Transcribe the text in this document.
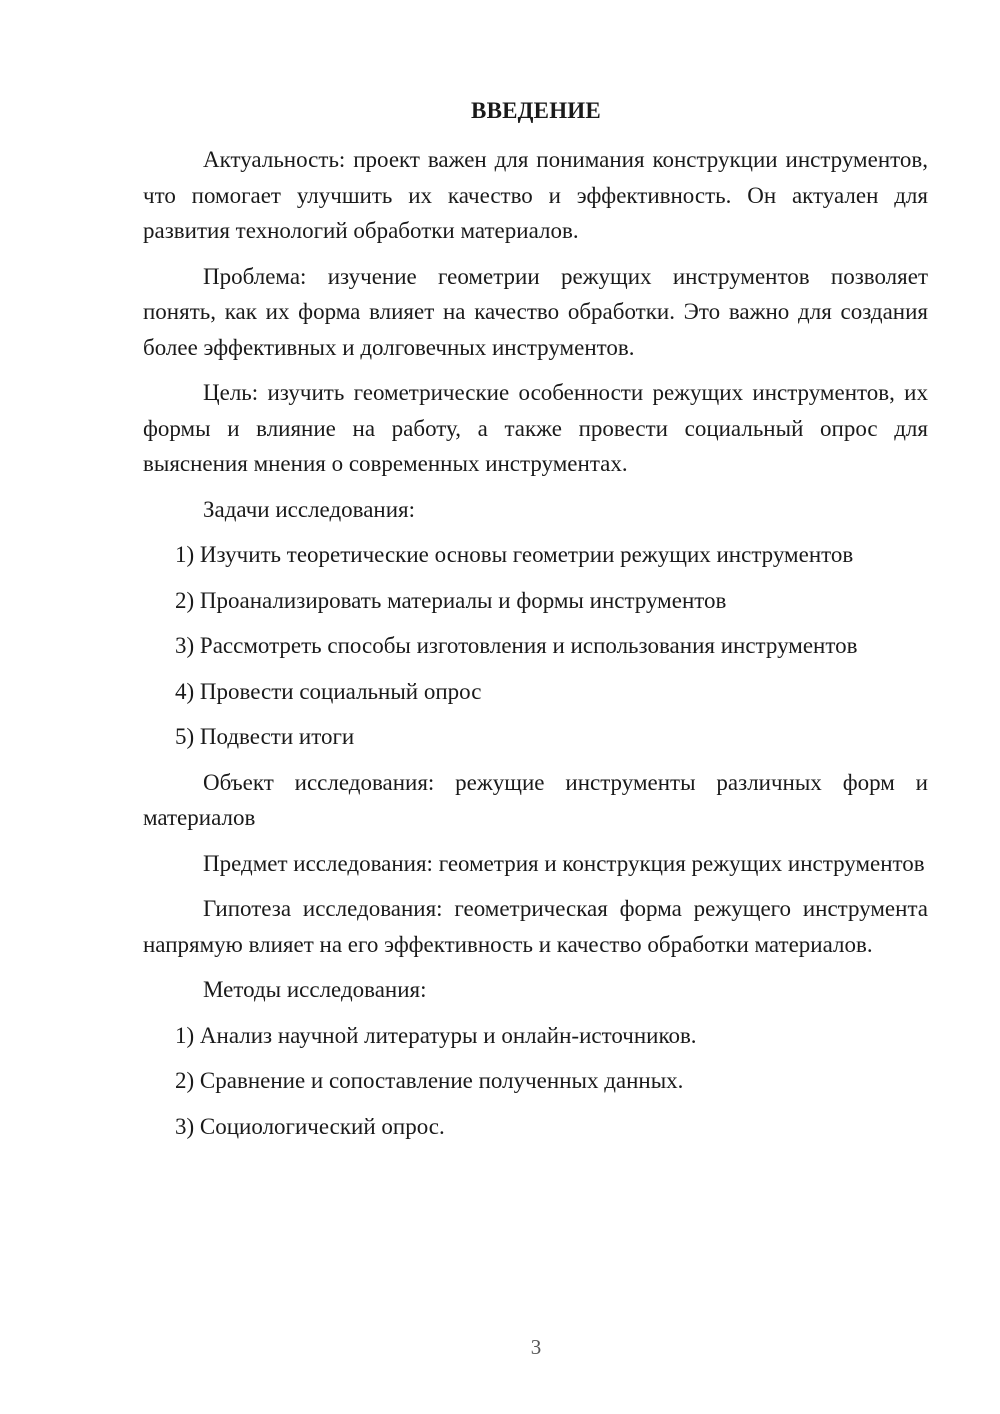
ВВЕДЕНИЕ

Актуальность: проект важен для понимания конструкции инструментов, что помогает улучшить их качество и эффективность. Он актуален для развития технологий обработки материалов.

Проблема: изучение геометрии режущих инструментов позволяет понять, как их форма влияет на качество обработки. Это важно для создания более эффективных и долговечных инструментов.

Цель: изучить геометрические особенности режущих инструментов, их формы и влияние на работу, а также провести социальный опрос для выяснения мнения о современных инструментах.

Задачи исследования:

1) Изучить теоретические основы геометрии режущих инструментов

2) Проанализировать материалы и формы инструментов

3) Рассмотреть способы изготовления и использования инструментов

4) Провести социальный опрос

5) Подвести итоги

Объект исследования: режущие инструменты различных форм и материалов

Предмет исследования: геометрия и конструкция режущих инструментов

Гипотеза исследования: геометрическая форма режущего инструмента напрямую влияет на его эффективность и качество обработки материалов.

Методы исследования:

1) Анализ научной литературы и онлайн-источников.

2) Сравнение и сопоставление полученных данных.

3) Социологический опрос.

3
